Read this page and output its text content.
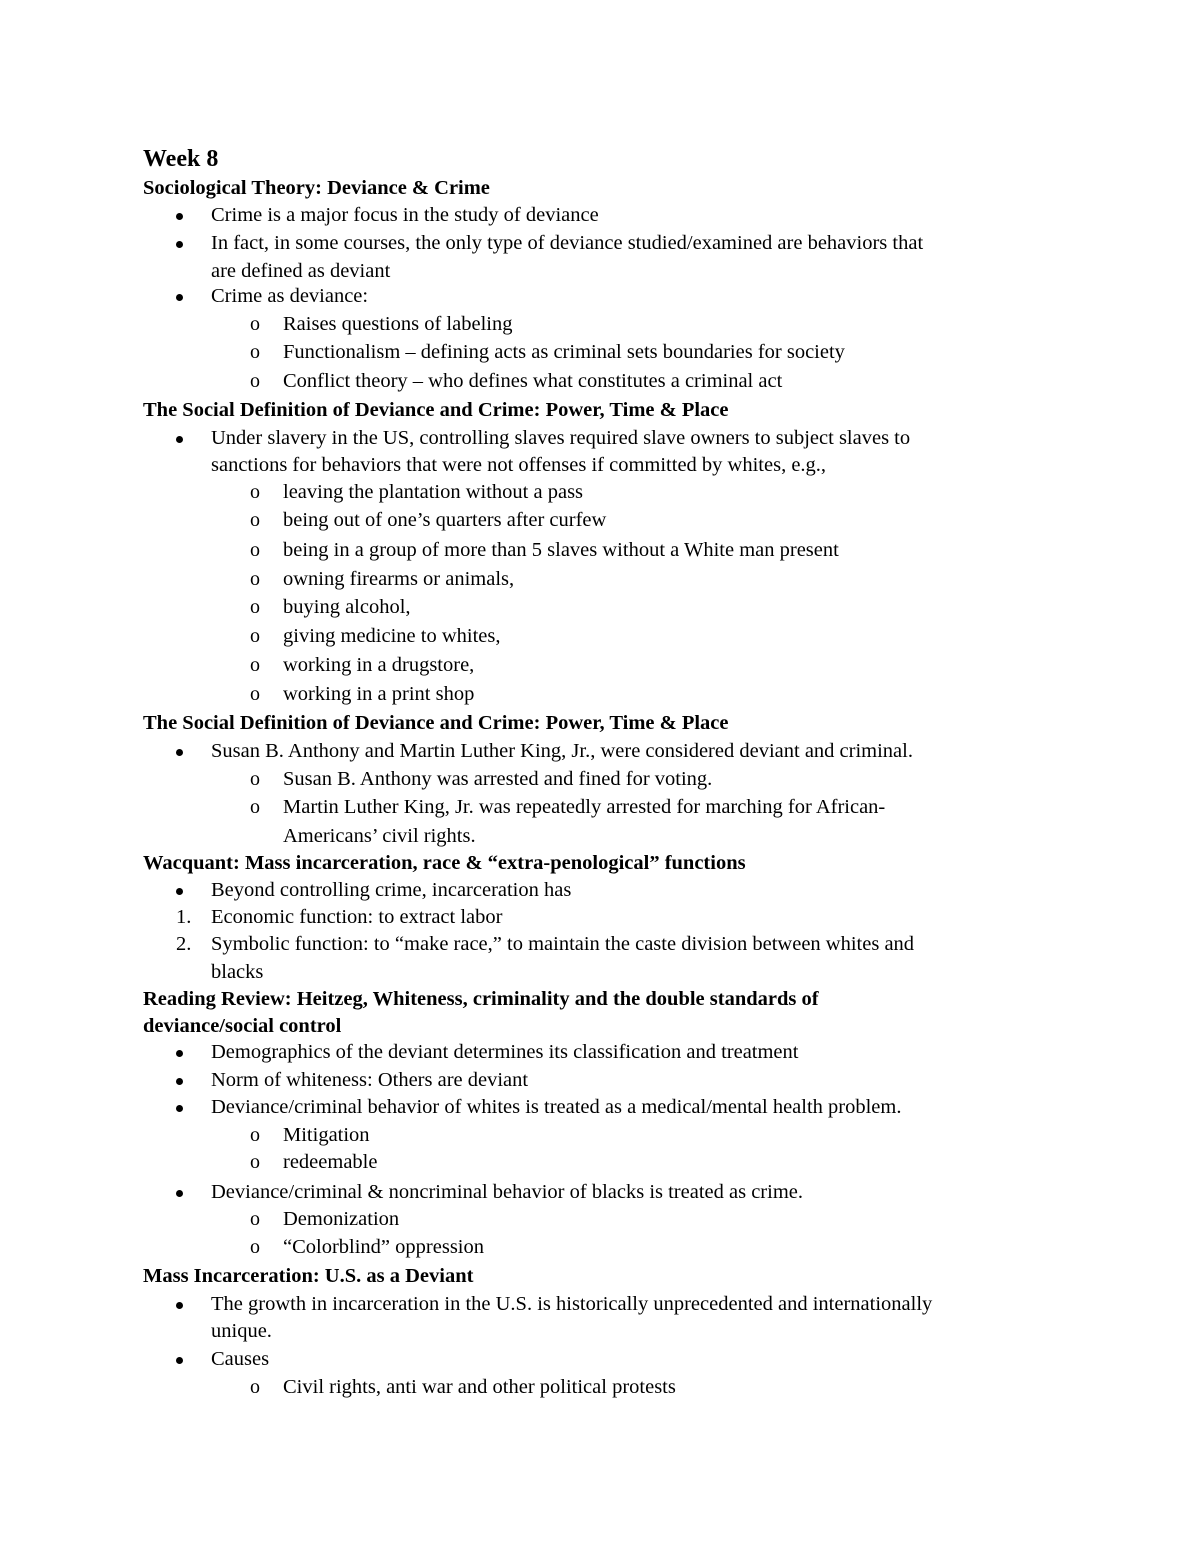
Week 8
Sociological Theory: Deviance & Crime
Crime is a major focus in the study of deviance
In fact, in some courses, the only type of deviance studied/examined are behaviors that
are defined as deviant
Crime as deviance:
o Raises questions of labeling
o Functionalism – defining acts as criminal sets boundaries for society
o Conflict theory – who defines what constitutes a criminal act
The Social Definition of Deviance and Crime: Power, Time & Place
Under slavery in the US, controlling slaves required slave owners to subject slaves to
sanctions for behaviors that were not offenses if committed by whites, e.g.,
o leaving the plantation without a pass
o being out of one’s quarters after curfew
o being in a group of more than 5 slaves without a White man present
o owning firearms or animals,
o buying alcohol,
o giving medicine to whites,
o working in a drugstore,
o working in a print shop
The Social Definition of Deviance and Crime: Power, Time & Place
Susan B. Anthony and Martin Luther King, Jr., were considered deviant and criminal.
o Susan B. Anthony was arrested and fined for voting.
o Martin Luther King, Jr. was repeatedly arrested for marching for African-
Americans’ civil rights.
Wacquant: Mass incarceration, race & “extra-penological” functions
Beyond controlling crime, incarceration has
1. Economic function: to extract labor
2. Symbolic function: to “make race,” to maintain the caste division between whites and
blacks
Reading Review: Heitzeg, Whiteness, criminality and the double standards of
deviance/social control
Demographics of the deviant determines its classification and treatment
Norm of whiteness: Others are deviant
Deviance/criminal behavior of whites is treated as a medical/mental health problem.
o Mitigation
o redeemable
Deviance/criminal & noncriminal behavior of blacks is treated as crime.
o Demonization
o “Colorblind” oppression
Mass Incarceration: U.S. as a Deviant
The growth in incarceration in the U.S. is historically unprecedented and internationally
unique.
Causes
o Civil rights, anti war and other political protests
